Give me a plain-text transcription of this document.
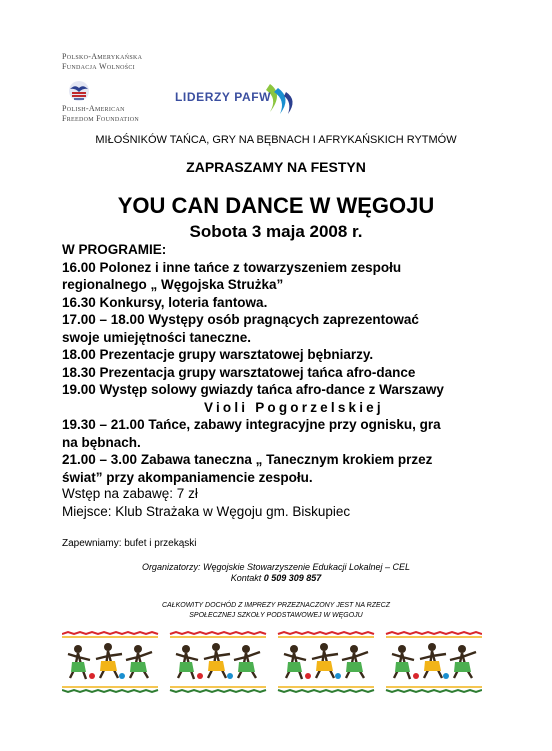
Polsko-Amerykańska
Fundacja Wolności
Polish-American
Freedom Foundation
LIDERZY PAFW
MIŁOŚNIKÓW TAŃCA, GRY NA BĘBNACH I AFRYKAŃSKICH RYTMÓW
ZAPRASZAMY NA FESTYN
YOU CAN DANCE W WĘGOJU
Sobota 3 maja 2008 r.
W PROGRAMIE:
16.00 Polonez i inne tańce z towarzyszeniem zespołu
regionalnego „ Węgojska Strużka”
16.30 Konkursy, loteria fantowa.
17.00 – 18.00 Występy osób pragnących zaprezentować
swoje umiejętności taneczne.
18.00 Prezentacje grupy warsztatowej bębniarzy.
18.30 Prezentacja grupy warsztatowej tańca afro-dance
19.00 Występ solowy gwiazdy tańca afro-dance z Warszawy
Violi Pogorzelskiej
19.30 – 21.00 Tańce, zabawy integracyjne przy ognisku, gra
na bębnach.
21.00 – 3.00 Zabawa taneczna „ Tanecznym krokiem przez
świat” przy akompaniamencie zespołu.
Wstęp na zabawę: 7 zł
Miejsce: Klub Strażaka w Węgoju gm. Biskupiec
Zapewniamy: bufet i przekąski
Organizatorzy: Węgojskie Stowarzyszenie Edukacji Lokalnej – CEL
Kontakt 0 509 309 857
CAŁKOWITY DOCHÓD Z IMPREZY PRZEZNACZONY JEST NA RZECZ
SPOŁECZNEJ SZKOŁY PODSTAWOWEJ W WĘGOJU
